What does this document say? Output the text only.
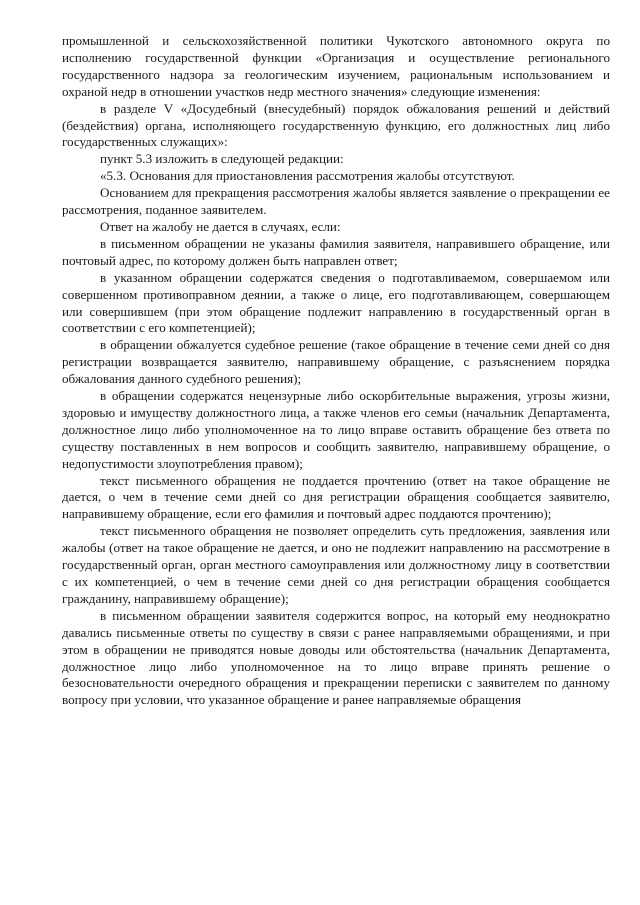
промышленной и сельскохозяйственной политики Чукотского автономного округа по исполнению государственной функции «Организация и осуществление регионального государственного надзора за геологическим изучением, рациональным использованием и охраной недр в отношении участков недр местного значения» следующие изменения:

в разделе V «Досудебный (внесудебный) порядок обжалования решений и действий (бездействия) органа, исполняющего государственную функцию, его должностных лиц либо государственных служащих»:

пункт 5.3 изложить в следующей редакции:

«5.3. Основания для приостановления рассмотрения жалобы отсутствуют.

Основанием для прекращения рассмотрения жалобы является заявление о прекращении ее рассмотрения, поданное заявителем.

Ответ на жалобу не дается в случаях, если:

в письменном обращении не указаны фамилия заявителя, направившего обращение, или почтовый адрес, по которому должен быть направлен ответ;

в указанном обращении содержатся сведения о подготавливаемом, совершаемом или совершенном противоправном деянии, а также о лице, его подготавливающем, совершающем или совершившем (при этом обращение подлежит направлению в государственный орган в соответствии с его компетенцией);

в обращении обжалуется судебное решение (такое обращение в течение семи дней со дня регистрации возвращается заявителю, направившему обращение, с разъяснением порядка обжалования данного судебного решения);

в обращении содержатся нецензурные либо оскорбительные выражения, угрозы жизни, здоровью и имуществу должностного лица, а также членов его семьи (начальник Департамента, должностное лицо либо уполномоченное на то лицо вправе оставить обращение без ответа по существу поставленных в нем вопросов и сообщить заявителю, направившему обращение, о недопустимости злоупотребления правом);

текст письменного обращения не поддается прочтению (ответ на такое обращение не дается, о чем в течение семи дней со дня регистрации обращения сообщается заявителю, направившему обращение, если его фамилия и почтовый адрес поддаются прочтению);

текст письменного обращения не позволяет определить суть предложения, заявления или жалобы (ответ на такое обращение не дается, и оно не подлежит направлению на рассмотрение в государственный орган, орган местного самоуправления или должностному лицу в соответствии с их компетенцией, о чем в течение семи дней со дня регистрации обращения сообщается гражданину, направившему обращение);

в письменном обращении заявителя содержится вопрос, на который ему неоднократно давались письменные ответы по существу в связи с ранее направляемыми обращениями, и при этом в обращении не приводятся новые доводы или обстоятельства (начальник Департамента, должностное лицо либо уполномоченное на то лицо вправе принять решение о безосновательности очередного обращения и прекращении переписки с заявителем по данному вопросу при условии, что указанное обращение и ранее направляемые обращения
